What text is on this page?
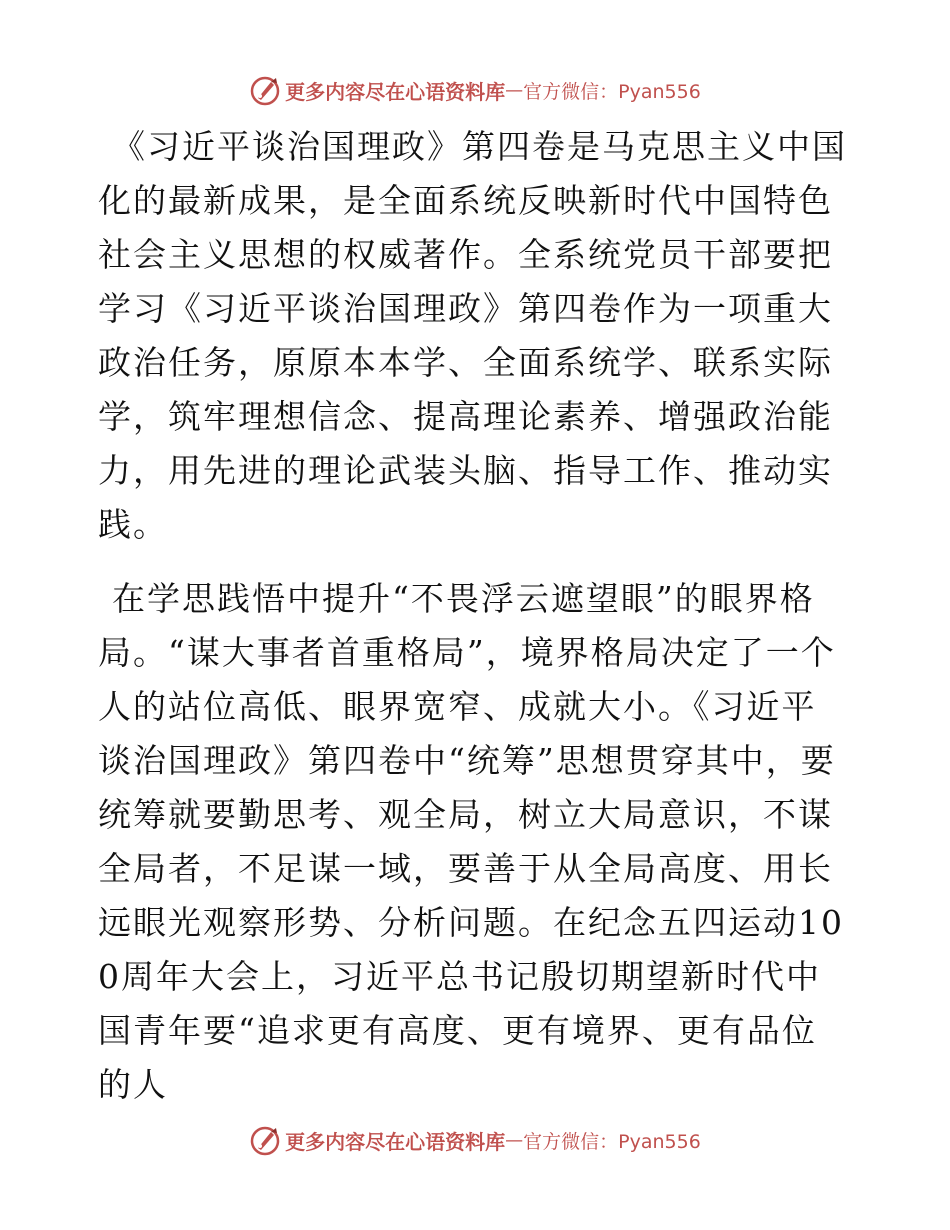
更多内容尽在心语资料库 — 官方微信：Pyan556

《习近平谈治国理政》第四卷是马克思主义中国化的最新成果，是全面系统反映新时代中国特色社会主义思想的权威著作。全系统党员干部要把学习《习近平谈治国理政》第四卷作为一项重大政治任务，原原本本学、全面系统学、联系实际学，筑牢理想信念、提高理论素养、增强政治能力，用先进的理论武装头脑、指导工作、推动实践。

在学思践悟中提升“不畏浮云遮望眼”的眼界格局。“谋大事者首重格局”，境界格局决定了一个人的站位高低、眼界宽窄、成就大小。《习近平谈治国理政》第四卷中“统筹”思想贯穿其中，要统筹就要勤思考、观全局，树立大局意识，不谋全局者，不足谋一域，要善于从全局高度、用长远眼光观察形势、分析问题。在纪念五四运动100周年大会上，习近平总书记殷切期望新时代中国青年要“追求更有高度、更有境界、更有品位的人

更多内容尽在心语资料库 — 官方微信：Pyan556
